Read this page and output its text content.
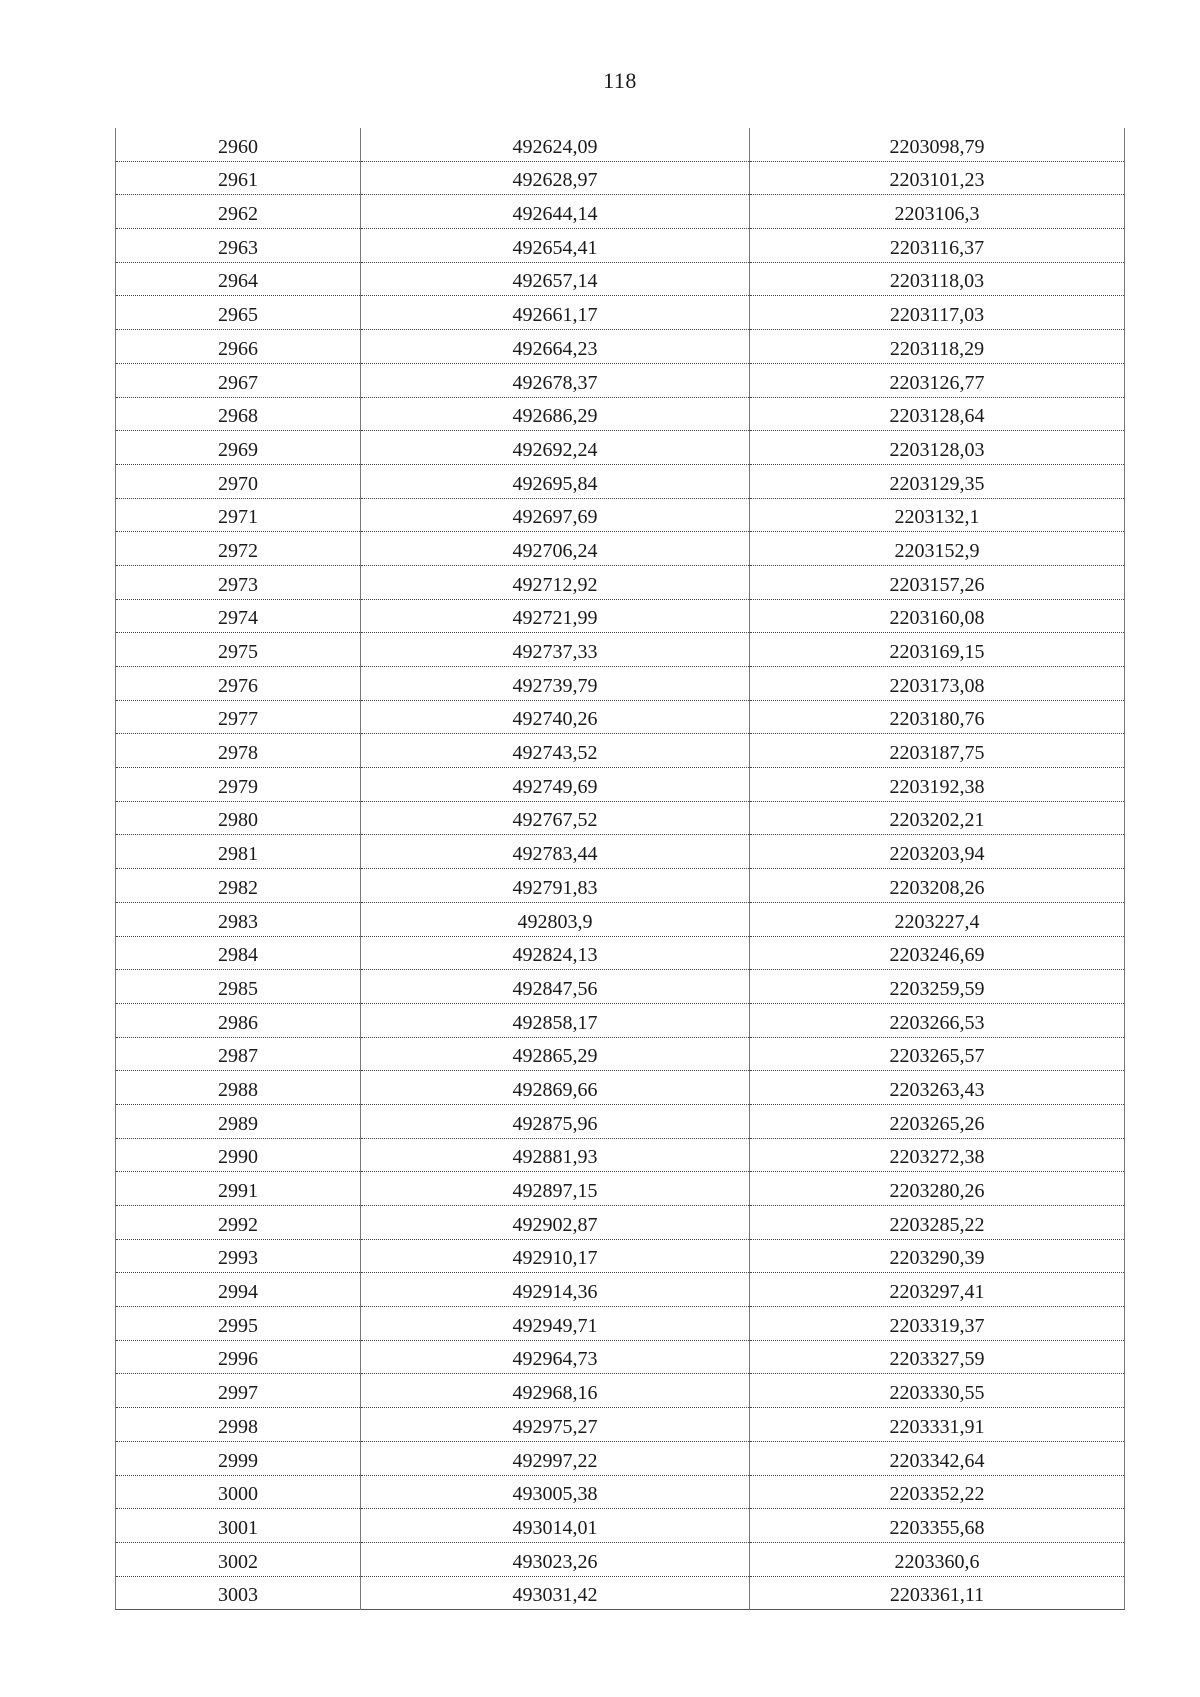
118
2960	492624,09	2203098,79
2961	492628,97	2203101,23
2962	492644,14	2203106,3
2963	492654,41	2203116,37
2964	492657,14	2203118,03
2965	492661,17	2203117,03
2966	492664,23	2203118,29
2967	492678,37	2203126,77
2968	492686,29	2203128,64
2969	492692,24	2203128,03
2970	492695,84	2203129,35
2971	492697,69	2203132,1
2972	492706,24	2203152,9
2973	492712,92	2203157,26
2974	492721,99	2203160,08
2975	492737,33	2203169,15
2976	492739,79	2203173,08
2977	492740,26	2203180,76
2978	492743,52	2203187,75
2979	492749,69	2203192,38
2980	492767,52	2203202,21
2981	492783,44	2203203,94
2982	492791,83	2203208,26
2983	492803,9	2203227,4
2984	492824,13	2203246,69
2985	492847,56	2203259,59
2986	492858,17	2203266,53
2987	492865,29	2203265,57
2988	492869,66	2203263,43
2989	492875,96	2203265,26
2990	492881,93	2203272,38
2991	492897,15	2203280,26
2992	492902,87	2203285,22
2993	492910,17	2203290,39
2994	492914,36	2203297,41
2995	492949,71	2203319,37
2996	492964,73	2203327,59
2997	492968,16	2203330,55
2998	492975,27	2203331,91
2999	492997,22	2203342,64
3000	493005,38	2203352,22
3001	493014,01	2203355,68
3002	493023,26	2203360,6
3003	493031,42	2203361,11
